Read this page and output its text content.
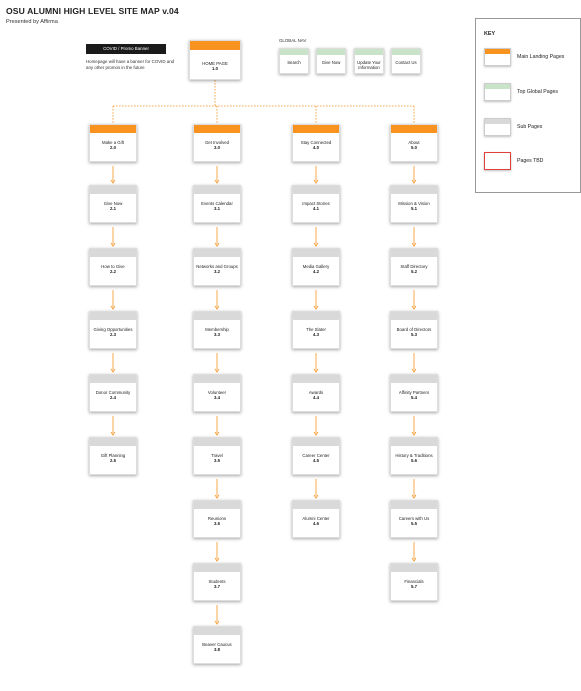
OSU ALUMNI HIGH LEVEL SITE MAP v.04
Presented by Affirma
COVID / Promo Banner
Homepage will have a banner for COVID and any other promos in the future
GLOBAL NAV
HOME PAGE
1.0
Search	Give Now	Update Your Information
Contact Us
Make a Gift
2.0
Give Now
2.1
How to Give
2.2
Giving Opportunities
2.3
Donor Community
2.4
Gift Planning
2.5
Get Involved
3.0
Events Calendar
3.1
Networks and Groups
3.2
Membership
3.3
Volunteer
3.4
Travel
3.5
Reunions
3.6
Students
3.7
Beaver Caucus
3.8
Stay Connected
4.0
Impact Stories
4.1
Media Gallery
4.2
The Slater
4.3
Awards
4.4
Career Center
4.5
Alumni Center
4.6
About
5.0
Mission & Vision
5.1
Staff Directory
5.2
Board of Directors
5.3
Affinity Partners
5.4
History & Traditions
5.6
Careers with Us
5.5
Financials
5.7
KEY
Main Landing Pages
Top Global Pages
Sub Pages
Pages TBD
